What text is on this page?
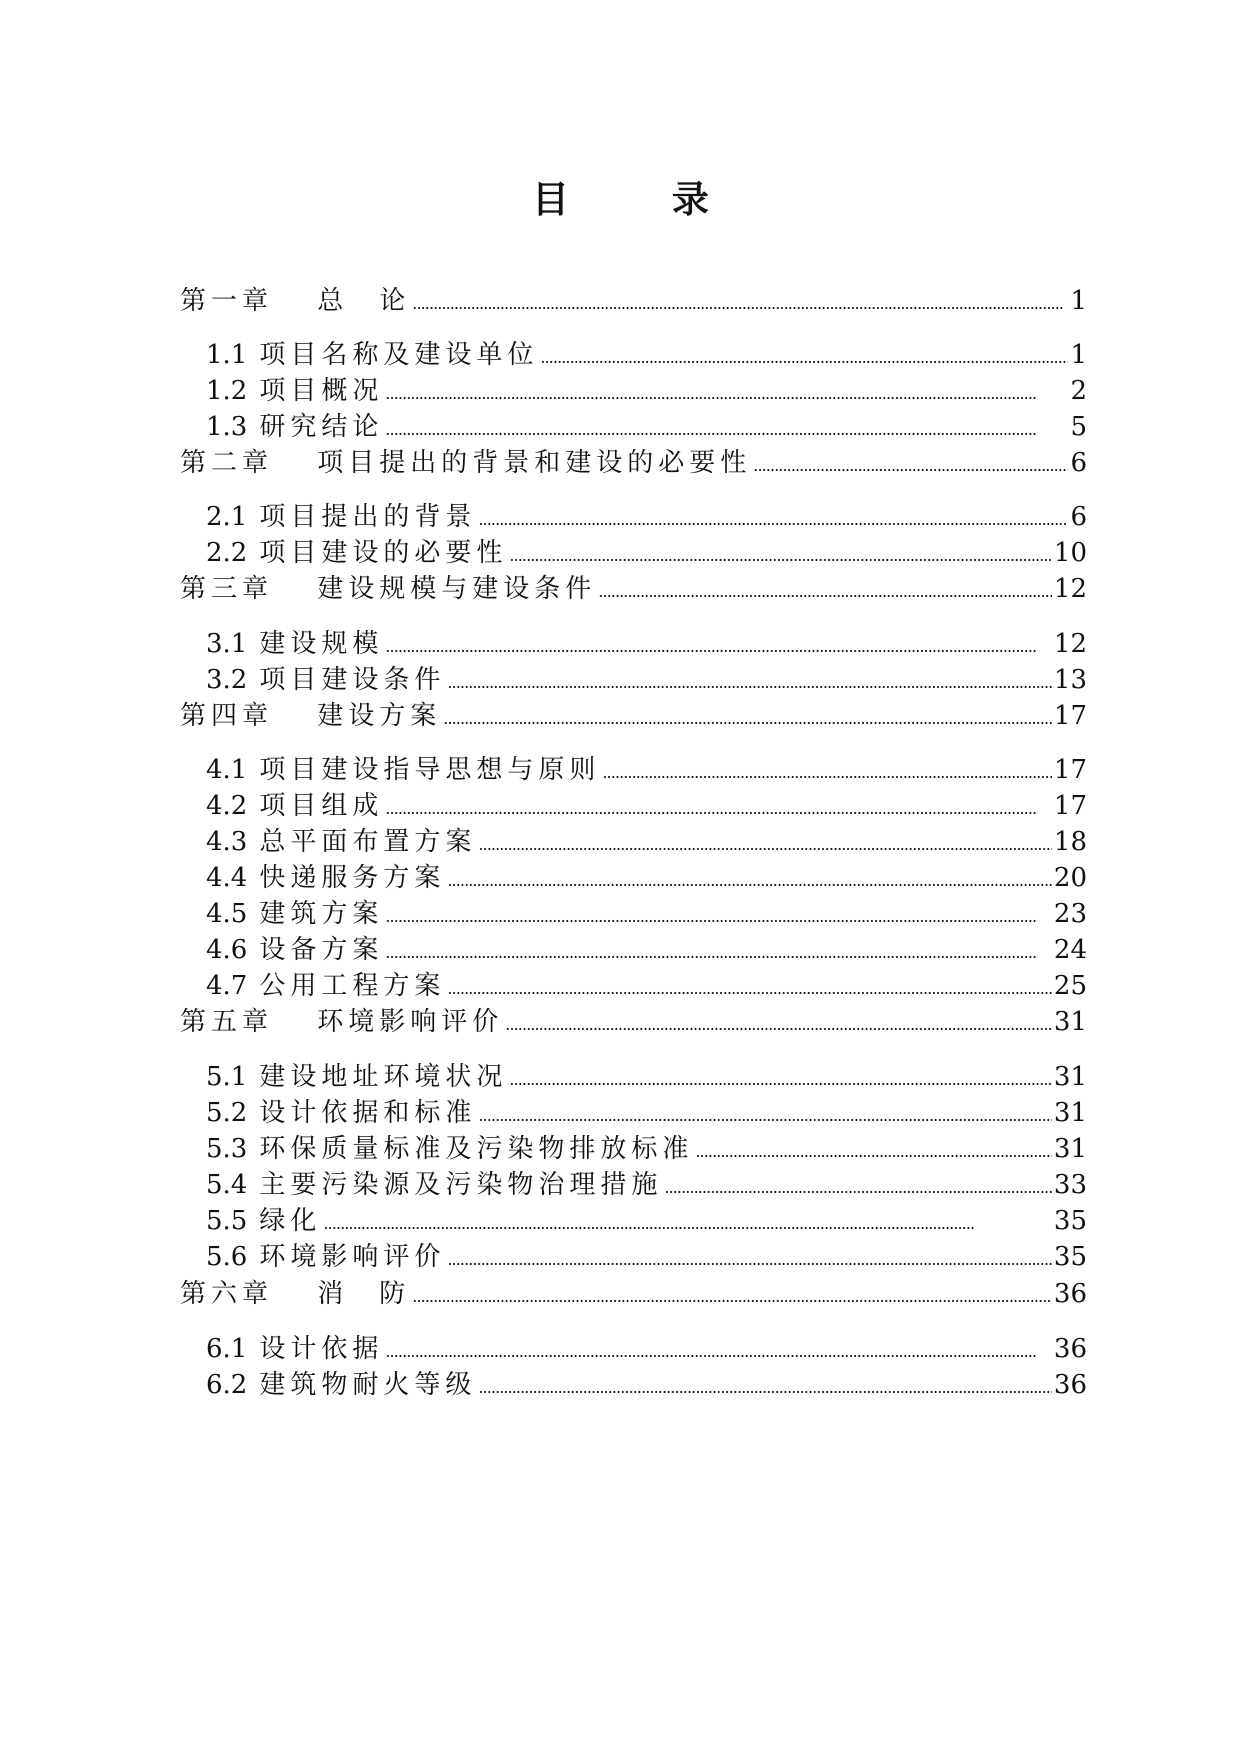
目 录
第一章　 总　论 . . .	1
1.1 项目名称及建设单位 . . .	1
1.2 项目概况 . . .	2
1.3 研究结论 . . .	5
第二章　 项目提出的背景和建设的必要性 . . .	6
2.1 项目提出的背景 . . .	6
2.2 项目建设的必要性 . . .	10
第三章　 建设规模与建设条件 . . .	12
3.1 建设规模 . . .	12
3.2 项目建设条件 . . .	13
第四章　 建设方案 . . .	17
4.1 项目建设指导思想与原则 . . .	17
4.2 项目组成 . . .	17
4.3 总平面布置方案 . . .	18
4.4 快递服务方案 . . .	20
4.5 建筑方案 . . .	23
4.6 设备方案 . . .	24
4.7 公用工程方案 . . .	25
第五章　 环境影响评价 . . .	31
5.1 建设地址环境状况 . . .	31
5.2 设计依据和标准 . . .	31
5.3 环保质量标准及污染物排放标准 . . .	31
5.4 主要污染源及污染物治理措施 . . .	33
5.5 绿化 . . .	35
5.6 环境影响评价 . . .	35
第六章　 消　防 . . .	36
6.1 设计依据 . . .	36
6.2 建筑物耐火等级 . . .	36
